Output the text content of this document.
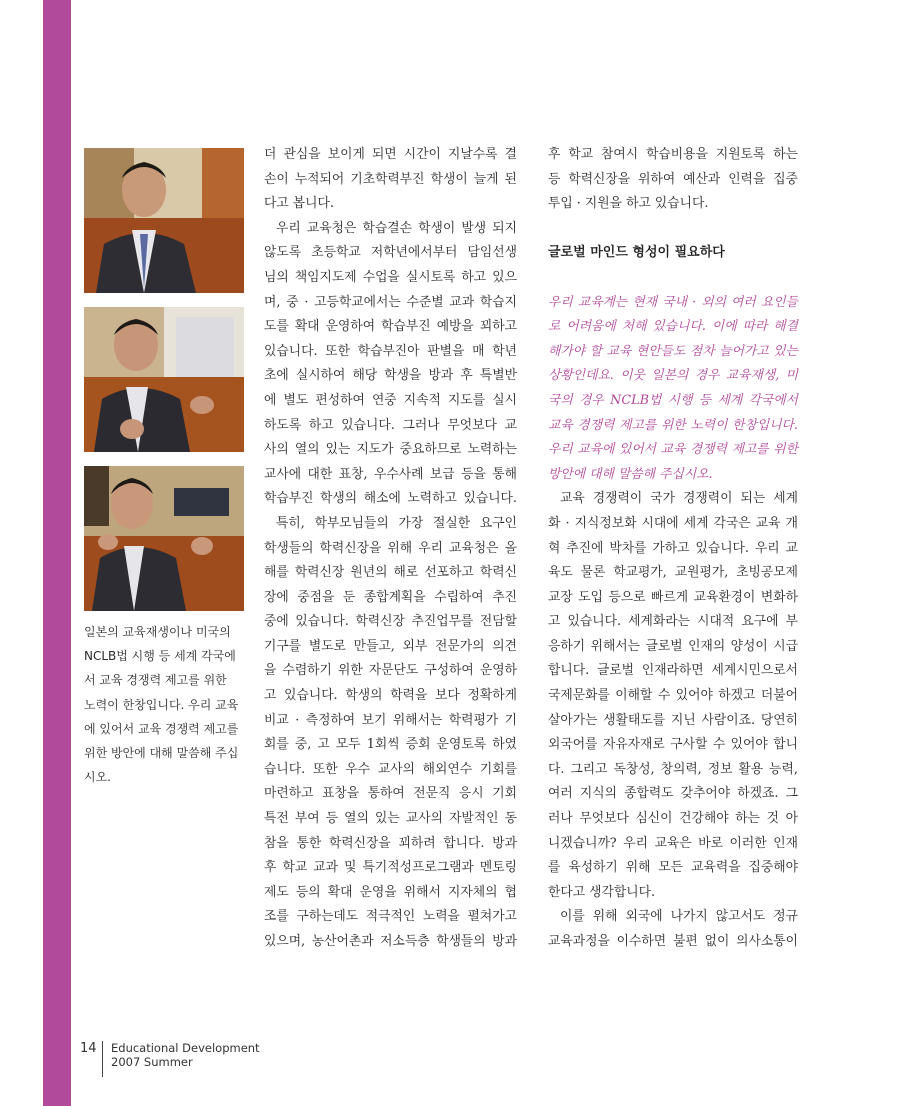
일본의 교육재생이나 미국의
NCLB법 시행 등 세계 각국에
서 교육 경쟁력 제고를 위한
노력이 한창입니다. 우리 교육
에 있어서 교육 경쟁력 제고를
위한 방안에 대해 말씀해 주십
시오.
더 관심을 보이게 되면 시간이 지날수록 결
손이 누적되어 기초학력부진 학생이 늘게 된
다고 봅니다.
우리 교육청은 학습결손 학생이 발생 되지
않도록 초등학교 저학년에서부터 담임선생
님의 책임지도제 수업을 실시토록 하고 있으
며, 중 · 고등학교에서는 수준별 교과 학습지
도를 확대 운영하여 학습부진 예방을 꾀하고
있습니다. 또한 학습부진아 판별을 매 학년
초에 실시하여 해당 학생을 방과 후 특별반
에 별도 편성하여 연중 지속적 지도를 실시
하도록 하고 있습니다. 그러나 무엇보다 교
사의 열의 있는 지도가 중요하므로 노력하는
교사에 대한 표창, 우수사례 보급 등을 통해
학습부진 학생의 해소에 노력하고 있습니다.
특히, 학부모님들의 가장 절실한 요구인
학생들의 학력신장을 위해 우리 교육청은 올
해를 학력신장 원년의 해로 선포하고 학력신
장에 중점을 둔 종합계획을 수립하여 추진
중에 있습니다. 학력신장 추진업무를 전담할
기구를 별도로 만들고, 외부 전문가의 의견
을 수렴하기 위한 자문단도 구성하여 운영하
고 있습니다. 학생의 학력을 보다 정확하게
비교 · 측정하여 보기 위해서는 학력평가 기
회를 중, 고 모두 1회씩 증회 운영토록 하였
습니다. 또한 우수 교사의 해외연수 기회를
마련하고 표창을 통하여 전문직 응시 기회
특전 부여 등 열의 있는 교사의 자발적인 동
참을 통한 학력신장을 꾀하려 합니다. 방과
후 학교 교과 및 특기적성프로그램과 멘토링
제도 등의 확대 운영을 위해서 지자체의 협
조를 구하는데도 적극적인 노력을 펼쳐가고
있으며, 농산어촌과 저소득층 학생들의 방과
후 학교 참여시 학습비용을 지원토록 하는
등 학력신장을 위하여 예산과 인력을 집중
투입 · 지원을 하고 있습니다.
글로벌 마인드 형성이 필요하다
우리 교육계는 현재 국내 · 외의 여러 요인들
로 어려움에 처해 있습니다. 이에 따라 해결
해가야 할 교육 현안들도 점차 늘어가고 있는
상황인데요. 이웃 일본의 경우 교육재생, 미
국의 경우 NCLB법 시행 등 세계 각국에서
교육 경쟁력 제고를 위한 노력이 한창입니다.
우리 교육에 있어서 교육 경쟁력 제고를 위한
방안에 대해 말씀해 주십시오.
교육 경쟁력이 국가 경쟁력이 되는 세계
화 · 지식정보화 시대에 세계 각국은 교육 개
혁 추진에 박차를 가하고 있습니다. 우리 교
육도 물론 학교평가, 교원평가, 초빙공모제
교장 도입 등으로 빠르게 교육환경이 변화하
고 있습니다. 세계화라는 시대적 요구에 부
응하기 위해서는 글로벌 인재의 양성이 시급
합니다. 글로벌 인재라하면 세계시민으로서
국제문화를 이해할 수 있어야 하겠고 더불어
살아가는 생활태도를 지닌 사람이죠. 당연히
외국어를 자유자재로 구사할 수 있어야 합니
다. 그리고 독창성, 창의력, 정보 활용 능력,
여러 지식의 종합력도 갖추어야 하겠죠. 그
러나 무엇보다 심신이 건강해야 하는 것 아
니겠습니까? 우리 교육은 바로 이러한 인재
를 육성하기 위해 모든 교육력을 집중해야
한다고 생각합니다.
이를 위해 외국에 나가지 않고서도 정규
교육과정을 이수하면 불편 없이 의사소통이
14 Educational Development
2007 Summer
